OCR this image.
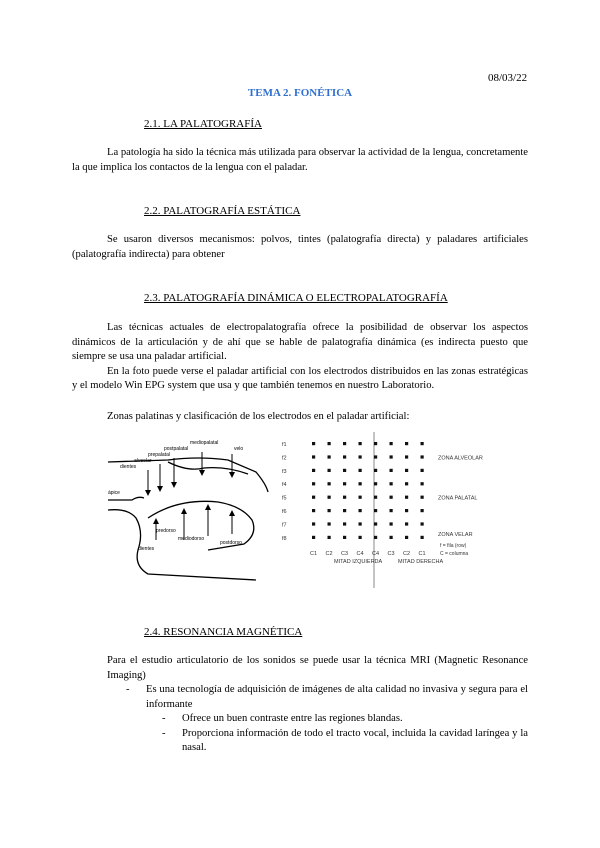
08/03/22
TEMA 2. FONÉTICA
2.1. LA PALATOGRAFÍA

La patología ha sido la técnica más utilizada para observar la actividad de la lengua, concretamente la que implica los contactos de la lengua con el paladar.

2.2. PALATOGRAFÍA ESTÁTICA

Se usaron diversos mecanismos: polvos, tintes (palatografía directa) y paladares artificiales (palatografía indirecta) para obtener

2.3. PALATOGRAFÍA DINÁMICA O ELECTROPALATOGRAFÍA

Las técnicas actuales de electropalatografía ofrece la posibilidad de observar los aspectos dinámicos de la articulación y de ahí que se hable de palatografía dinámica (es indirecta puesto que siempre se usa una paladar artificial.

En la foto puede verse el paladar artificial con los electrodos distribuidos en las zonas estratégicas y el modelo Win EPG system que usa y que también tenemos en nuestro Laboratorio.

Zonas palatinas y clasificación de los electrodos en el paladar artificial:
mediopalatal
postpalatal
prepalatal
alveolar
dientes
velo
ápice
predorso
mediodorso
postdorso
dientes
f1
f2
f3
f4
f5
f6
f7
f8
C1 C2 C3 C4 C4 C3 C2 C1
MITAD IZQUIERDA	MITAD DERECHA
ZONA ALVEOLAR
ZONA PALATAL
ZONA VELAR
f = fila (row)
C = columna
2.4. RESONANCIA MAGNÉTICA
Para el estudio articulatorio de los sonidos se puede usar la técnica MRI (Magnetic Resonance Imaging)
- Es una tecnología de adquisición de imágenes de alta calidad no invasiva y segura para el informante
- Ofrece un buen contraste entre las regiones blandas.
- Proporciona información de todo el tracto vocal, incluida la cavidad laríngea y la nasal.
